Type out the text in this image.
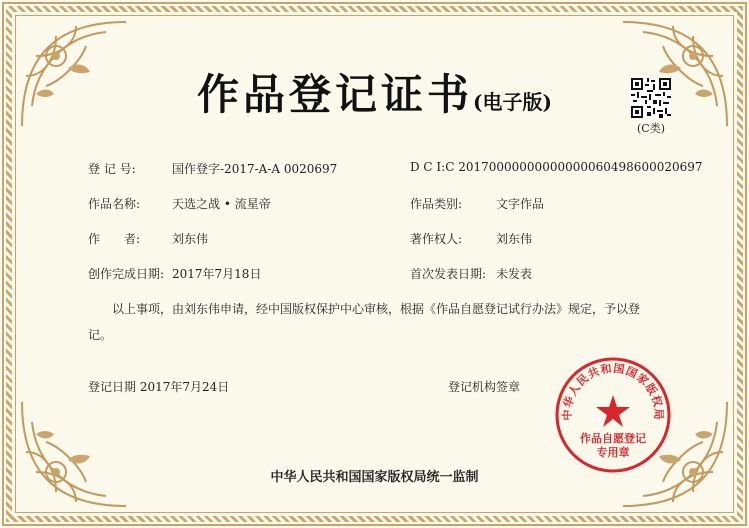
作品登记证书(电子版)
(C类)
登 记 号:	国作登字-2017-A-A 0020697	D C I:C 20170000000000000060498600020697
作品名称:	天选之战 • 流星帝	作品类别:	文字作品
作　　者:	刘东伟	著作权人:	刘东伟
创作完成日期: 2017年7月18日	首次发表日期: 未发表
以上事项，由刘东伟申请，经中国版权保护中心审核，根据《作品自愿登记试行办法》规定，予以登记。
登记日期 2017年7月24日	登记机构签章
中华人民共和国国家版权局
作品自愿登记
专用章
中华人民共和国国家版权局统一监制
